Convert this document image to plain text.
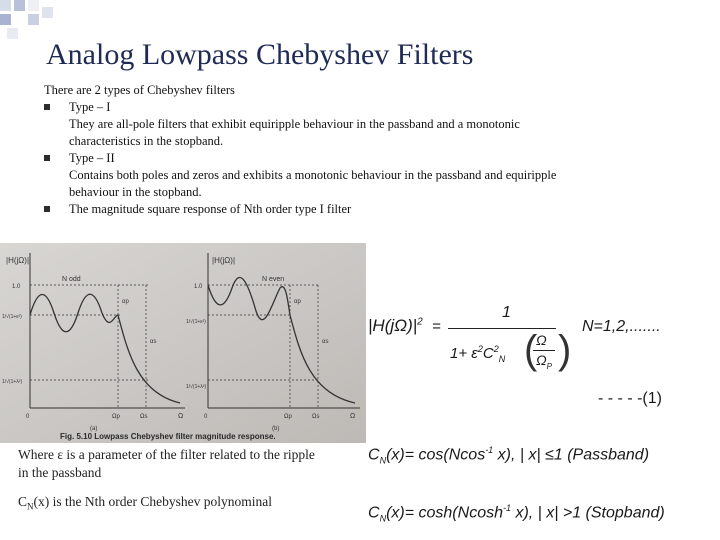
Analog Lowpass Chebyshev Filters
There are 2 types of Chebyshev filters
Type – I
They are all-pole filters that exhibit equiripple behaviour in the passband and a monotonic
characteristics in the stopband.
Type – II
Contains both poles and zeros and exhibits a monotonic behaviour in the passband and equiripple
behaviour in the stopband.
The magnitude square response of Nth order type I filter
|H(jΩ)|
N odd
1.0
1/√(1+ε²)
1/√(1+λ²)
αp
αs
0	Ωp	Ωs	Ω
(a)
|H(jΩ)|
N even
1.0
1/√(1+ε²)
1/√(1+λ²)
αp
αs
0	Ωp	Ωs	Ω
(b)
Fig. 5.10 Lowpass Chebyshev filter magnitude response.
$|H(j\Omega)|^2$ =
1
$1+ \varepsilon^2C^2_N$ (
Ω
$\Omega_P$ )
N=1,2,.......
- - - - -(1)
$C_N(x)= \cos(Ncos^{-1}$ x), | x| ≤1 (Passband)
$C_N(x)= \cosh(Ncosh^{-1}$ x), | x| >1 (Stopband)
Where ε is a parameter of the filter related to the ripple in the passband
$C_N(x)$ is the Nth order Chebyshev polynominal
